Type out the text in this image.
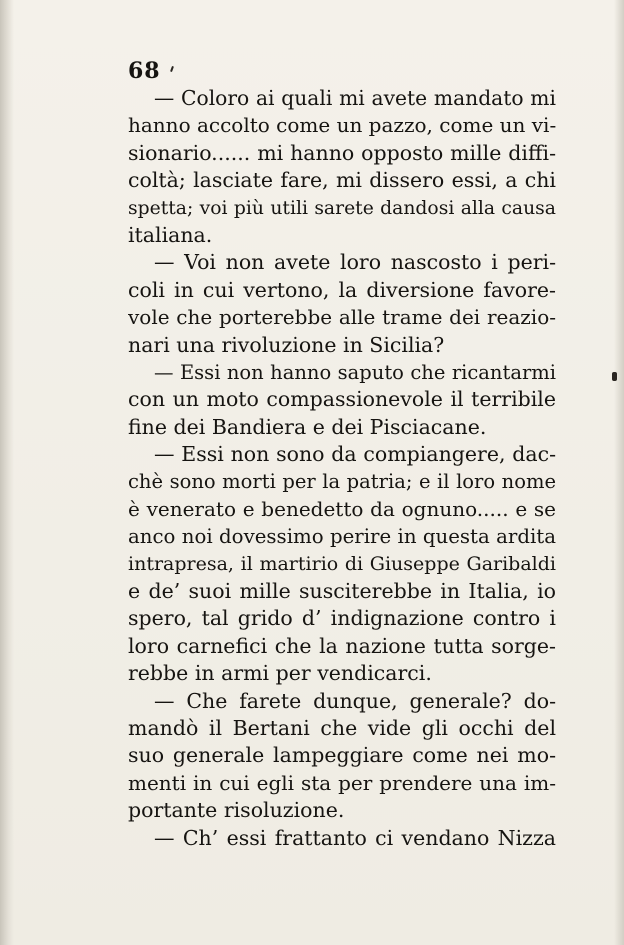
68
— Coloro ai quali mi avete mandato mi
hanno accolto come un pazzo, come un vi-
sionario...... mi hanno opposto mille diffi-
coltà; lasciate fare, mi dissero essi, a chi
spetta; voi più utili sarete dandosi alla causa
italiana.
— Voi non avete loro nascosto i peri-
coli in cui vertono, la diversione favore-
vole che porterebbe alle trame dei reazio-
nari una rivoluzione in Sicilia?
— Essi non hanno saputo che ricantarmi
con un moto compassionevole il terribile
fine dei Bandiera e dei Pisciacane.
— Essi non sono da compiangere, dac-
chè sono morti per la patria; e il loro nome
è venerato e benedetto da ognuno..... e se
anco noi dovessimo perire in questa ardita
intrapresa, il martirio di Giuseppe Garibaldi
e de’ suoi mille susciterebbe in Italia, io
spero, tal grido d’ indignazione contro i
loro carnefici che la nazione tutta sorge-
rebbe in armi per vendicarci.
— Che farete dunque, generale? do-
mandò il Bertani che vide gli occhi del
suo generale lampeggiare come nei mo-
menti in cui egli sta per prendere una im-
portante risoluzione.
— Ch’ essi frattanto ci vendano Nizza
